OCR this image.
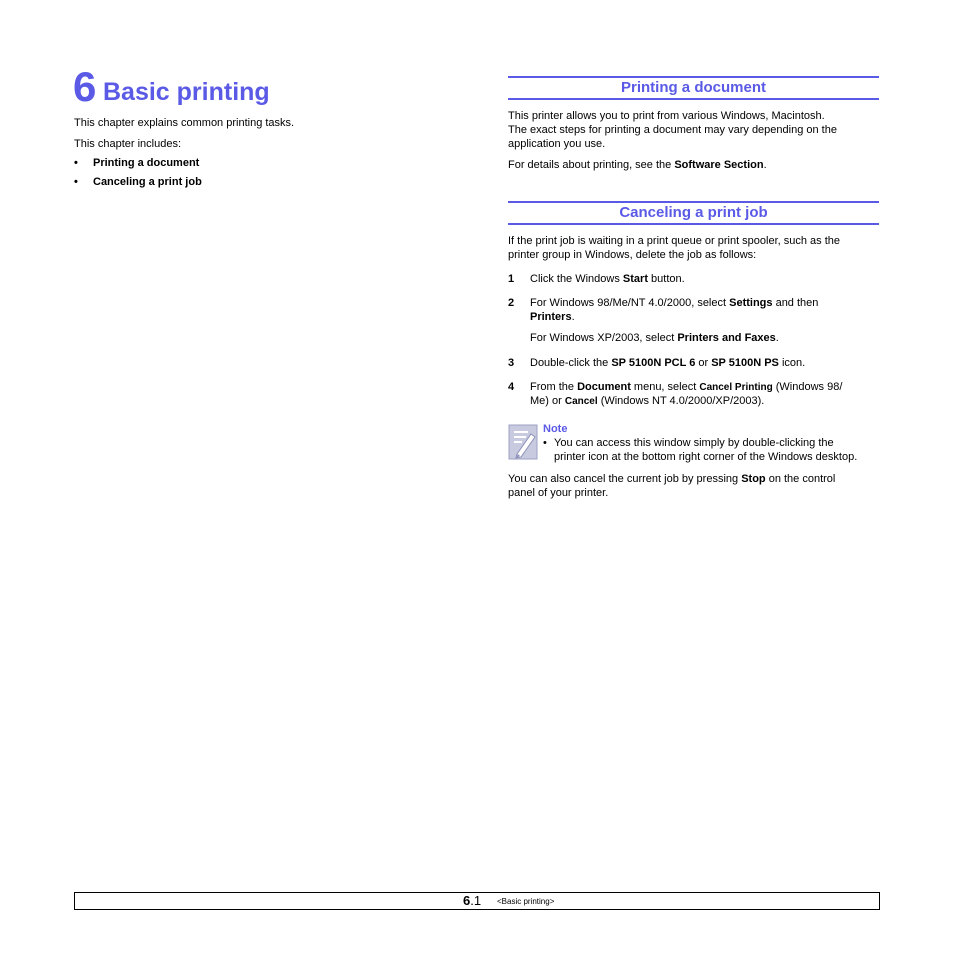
6 Basic printing
This chapter explains common printing tasks.
This chapter includes:
• Printing a document
• Canceling a print job
Printing a document
This printer allows you to print from various Windows, Macintosh.
The exact steps for printing a document may vary depending on the
application you use.
For details about printing, see the Software Section.
Canceling a print job
If the print job is waiting in a print queue or print spooler, such as the
printer group in Windows, delete the job as follows:
1 Click the Windows Start button.
2 For Windows 98/Me/NT 4.0/2000, select Settings and then
Printers.
For Windows XP/2003, select Printers and Faxes.
3 Double-click the SP 5100N PCL 6 or SP 5100N PS icon.
4 From the Document menu, select Cancel Printing (Windows 98/
Me) or Cancel (Windows NT 4.0/2000/XP/2003).
Note
• You can access this window simply by double-clicking the
printer icon at the bottom right corner of the Windows desktop.
You can also cancel the current job by pressing Stop on the control
panel of your printer.
6.1 <Basic printing>
